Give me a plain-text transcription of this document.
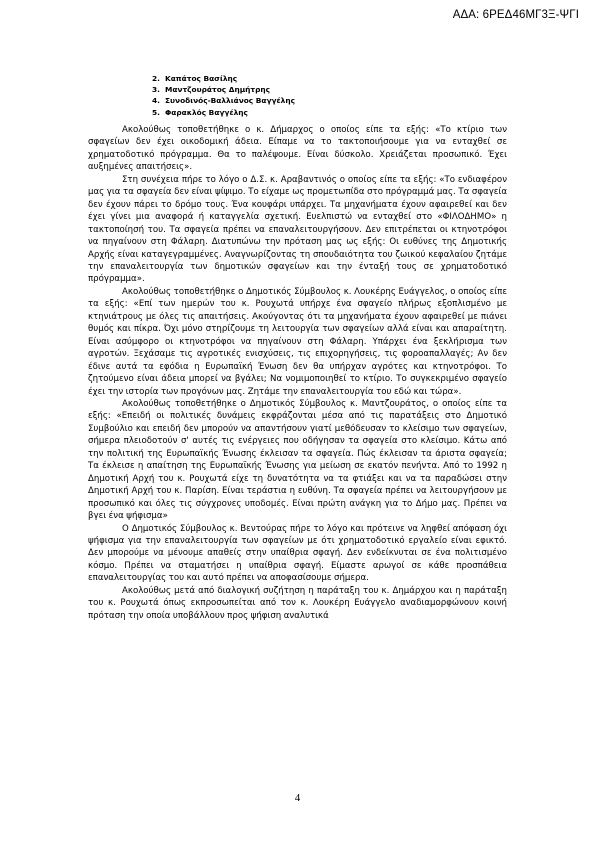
ΑΔΑ: 6ΡΕΔ46ΜΓ3Ξ-ΨΓΙ
2. Καπάτος Βασίλης
3. Μαντζουράτος Δημήτρης
4. Συνοδινός-Βαλλιάνος Βαγγέλης
5. Φαρακλός Βαγγέλης

Ακολούθως τοποθετήθηκε ο κ. Δήμαρχος ο οποίος είπε τα εξής: «Το κτίριο των σφαγείων δεν έχει οικοδομική άδεια. Είπαμε να το τακτοποιήσουμε για να ενταχθεί σε χρηματοδοτικό πρόγραμμα. Θα το παλέψουμε. Είναι δύσκολο. Χρειάζεται προσωπικό. Έχει αυξημένες απαιτήσεις».

Στη συνέχεια πήρε το λόγο ο Δ.Σ. κ. Αραβαντινός ο οποίος είπε τα εξής: «Το ενδιαφέρον μας για τα σφαγεία δεν είναι ψίψιμο. Το είχαμε ως προμετωπίδα στο πρόγραμμά μας. Τα σφαγεία δεν έχουν πάρει το δρόμο τους. Ένα κουφάρι υπάρχει. Τα μηχανήματα έχουν αφαιρεθεί και δεν έχει γίνει μια αναφορά ή καταγγελία σχετική. Ευελπιστώ να ενταχθεί στο «ΦΙΛΟΔΗΜΟ» η τακτοποίησή του. Τα σφαγεία πρέπει να επαναλειτουργήσουν. Δεν επιτρέπεται οι κτηνοτρόφοι να πηγαίνουν στη Φάλαρη. Διατυπώνω την πρόταση μας ως εξής: Οι ευθύνες της Δημοτικής Αρχής είναι καταγεγραμμένες. Αναγνωρίζοντας τη σπουδαιότητα του ζωικού κεφαλαίου ζητάμε την επαναλειτουργία των δημοτικών σφαγείων και την ένταξή τους σε χρηματοδοτικό πρόγραμμα».

Ακολούθως τοποθετήθηκε ο Δημοτικός Σύμβουλος κ. Λουκέρης Ευάγγελος, ο οποίος είπε τα εξής: «Επί των ημερών του κ. Ρουχωτά υπήρχε ένα σφαγείο πλήρως εξοπλισμένο με κτηνιάτρους με όλες τις απαιτήσεις. Ακούγοντας ότι τα μηχανήματα έχουν αφαιρεθεί με πιάνει θυμός και πίκρα. Όχι μόνο στηρίζουμε τη λειτουργία των σφαγείων αλλά είναι και απαραίτητη. Είναι ασύμφορο οι κτηνοτρόφοι να πηγαίνουν στη Φάλαρη. Υπάρχει ένα ξεκλήρισμα των αγροτών. Ξεχάσαμε τις αγροτικές ενισχύσεις, τις επιχορηγήσεις, τις φοροαπαλλαγές; Αν δεν έδινε αυτά τα εφόδια η Ευρωπαϊκή Ένωση δεν θα υπήρχαν αγρότες και κτηνοτρόφοι. Το ζητούμενο είναι άδεια μπορεί να βγάλει; Να νομιμοποιηθεί το κτίριο. Το συγκεκριμένο σφαγείο έχει την ιστορία των προγόνων μας. Ζητάμε την επαναλειτουργία του εδώ και τώρα».

Ακολούθως τοποθετήθηκε ο Δημοτικός Σύμβουλος κ. Μαντζουράτος, ο οποίος είπε τα εξής: «Επειδή οι πολιτικές δυνάμεις εκφράζονται μέσα από τις παρατάξεις στο Δημοτικό Συμβούλιο και επειδή δεν μπορούν να απαντήσουν γιατί μεθόδευσαν το κλείσιμο των σφαγείων, σήμερα πλειοδοτούν σ' αυτές τις ενέργειες που οδήγησαν τα σφαγεία στο κλείσιμο. Κάτω από την πολιτική της Ευρωπαϊκής Ένωσης έκλεισαν τα σφαγεία. Πώς έκλεισαν τα άριστα σφαγεία; Τα έκλεισε η απαίτηση της Ευρωπαϊκής Ένωσης για μείωση σε εκατόν πενήντα. Από το 1992 η Δημοτική Αρχή του κ. Ρουχωτά είχε τη δυνατότητα να τα φτιάξει και να τα παραδώσει στην Δημοτική Αρχή του κ. Παρίση. Είναι τεράστια η ευθύνη. Τα σφαγεία πρέπει να λειτουργήσουν με προσωπικό και όλες τις σύγχρονες υποδομές. Είναι πρώτη ανάγκη για το Δήμο μας. Πρέπει να βγει ένα ψήφισμα»

Ο Δημοτικός Σύμβουλος κ. Βεντούρας πήρε το λόγο και πρότεινε να ληφθεί απόφαση όχι ψήφισμα για την επαναλειτουργία των σφαγείων με ότι χρηματοδοτικό εργαλείο είναι εφικτό. Δεν μπορούμε να μένουμε απαθείς στην υπαίθρια σφαγή. Δεν ενδείκνυται σε ένα πολιτισμένο κόσμο. Πρέπει να σταματήσει η υπαίθρια σφαγή. Είμαστε αρωγοί σε κάθε προσπάθεια επαναλειτουργίας του και αυτό πρέπει να αποφασίσουμε σήμερα.

Ακολούθως μετά από διαλογική συζήτηση η παράταξη του κ. Δημάρχου και η παράταξη του κ. Ρουχωτά όπως εκπροσωπείται από τον κ. Λουκέρη Ευάγγελο αναδιαμορφώνουν κοινή πρόταση την οποία υποβάλλουν προς ψήφιση αναλυτικά

4
